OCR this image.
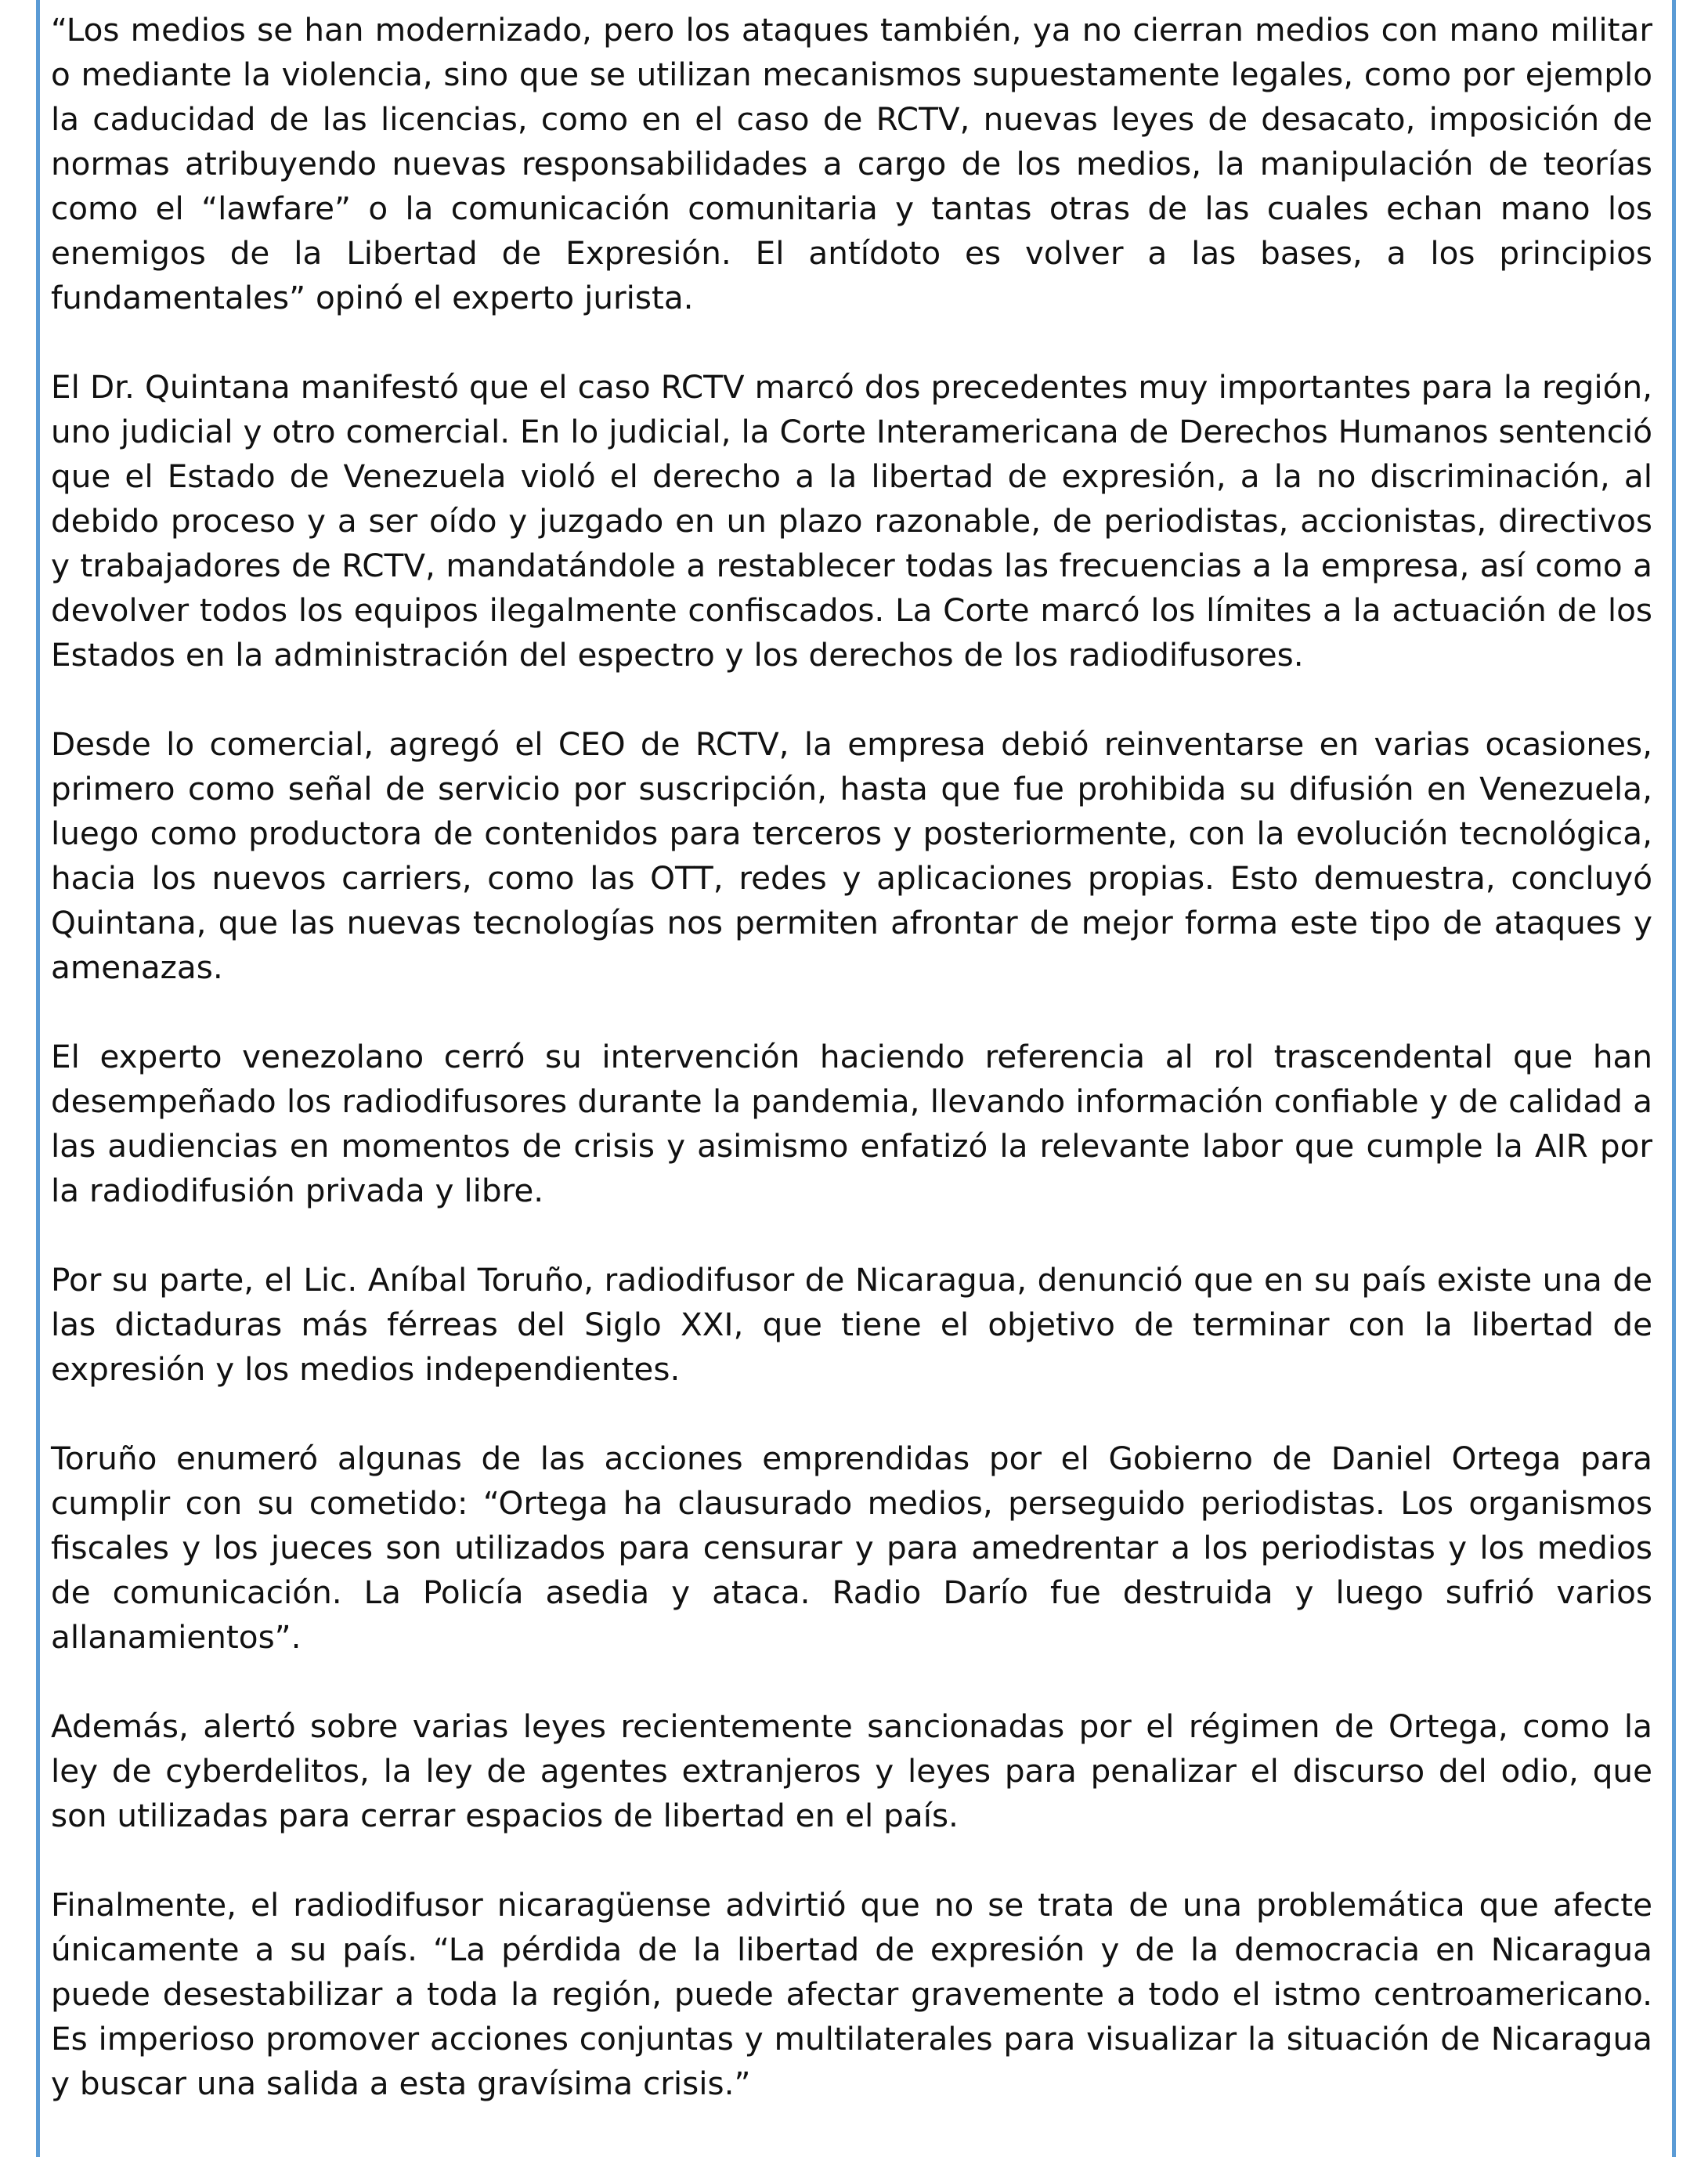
“Los medios se han modernizado, pero los ataques también, ya no cierran medios con mano militar o mediante la violencia, sino que se utilizan mecanismos supuestamente legales, como por ejemplo la caducidad de las licencias, como en el caso de RCTV, nuevas leyes de desacato, imposición de normas atribuyendo nuevas responsabilidades a cargo de los medios, la manipulación de teorías como el “lawfare” o la comunicación comunitaria y tantas otras de las cuales echan mano los enemigos de la Libertad de Expresión. El antídoto es volver a las bases, a los principios fundamentales” opinó el experto jurista.

El Dr. Quintana manifestó que el caso RCTV marcó dos precedentes muy importantes para la región, uno judicial y otro comercial. En lo judicial, la Corte Interamericana de Derechos Humanos sentenció que el Estado de Venezuela violó el derecho a la libertad de expresión, a la no discriminación, al debido proceso y a ser oído y juzgado en un plazo razonable, de periodistas, accionistas, directivos y trabajadores de RCTV, mandatándole a restablecer todas las frecuencias a la empresa, así como a devolver todos los equipos ilegalmente confiscados. La Corte marcó los límites a la actuación de los Estados en la administración del espectro y los derechos de los radiodifusores.

Desde lo comercial, agregó el CEO de RCTV, la empresa debió reinventarse en varias ocasiones, primero como señal de servicio por suscripción, hasta que fue prohibida su difusión en Venezuela, luego como productora de contenidos para terceros y posteriormente, con la evolución tecnológica, hacia los nuevos carriers, como las OTT, redes y aplicaciones propias. Esto demuestra, concluyó Quintana, que las nuevas tecnologías nos permiten afrontar de mejor forma este tipo de ataques y amenazas.

El experto venezolano cerró su intervención haciendo referencia al rol trascendental que han desempeñado los radiodifusores durante la pandemia, llevando información confiable y de calidad a las audiencias en momentos de crisis y asimismo enfatizó la relevante labor que cumple la AIR por la radiodifusión privada y libre.

Por su parte, el Lic. Aníbal Toruño, radiodifusor de Nicaragua, denunció que en su país existe una de las dictaduras más férreas del Siglo XXI, que tiene el objetivo de terminar con la libertad de expresión y los medios independientes.

Toruño enumeró algunas de las acciones emprendidas por el Gobierno de Daniel Ortega para cumplir con su cometido: “Ortega ha clausurado medios, perseguido periodistas. Los organismos fiscales y los jueces son utilizados para censurar y para amedrentar a los periodistas y los medios de comunicación. La Policía asedia y ataca. Radio Darío fue destruida y luego sufrió varios allanamientos”.

Además, alertó sobre varias leyes recientemente sancionadas por el régimen de Ortega, como la ley de cyberdelitos, la ley de agentes extranjeros y leyes para penalizar el discurso del odio, que son utilizadas para cerrar espacios de libertad en el país.

Finalmente, el radiodifusor nicaragüense advirtió que no se trata de una problemática que afecte únicamente a su país. “La pérdida de la libertad de expresión y de la democracia en Nicaragua puede desestabilizar a toda la región, puede afectar gravemente a todo el istmo centroamericano. Es imperioso promover acciones conjuntas y multilaterales para visualizar la situación de Nicaragua y buscar una salida a esta gravísima crisis.”
